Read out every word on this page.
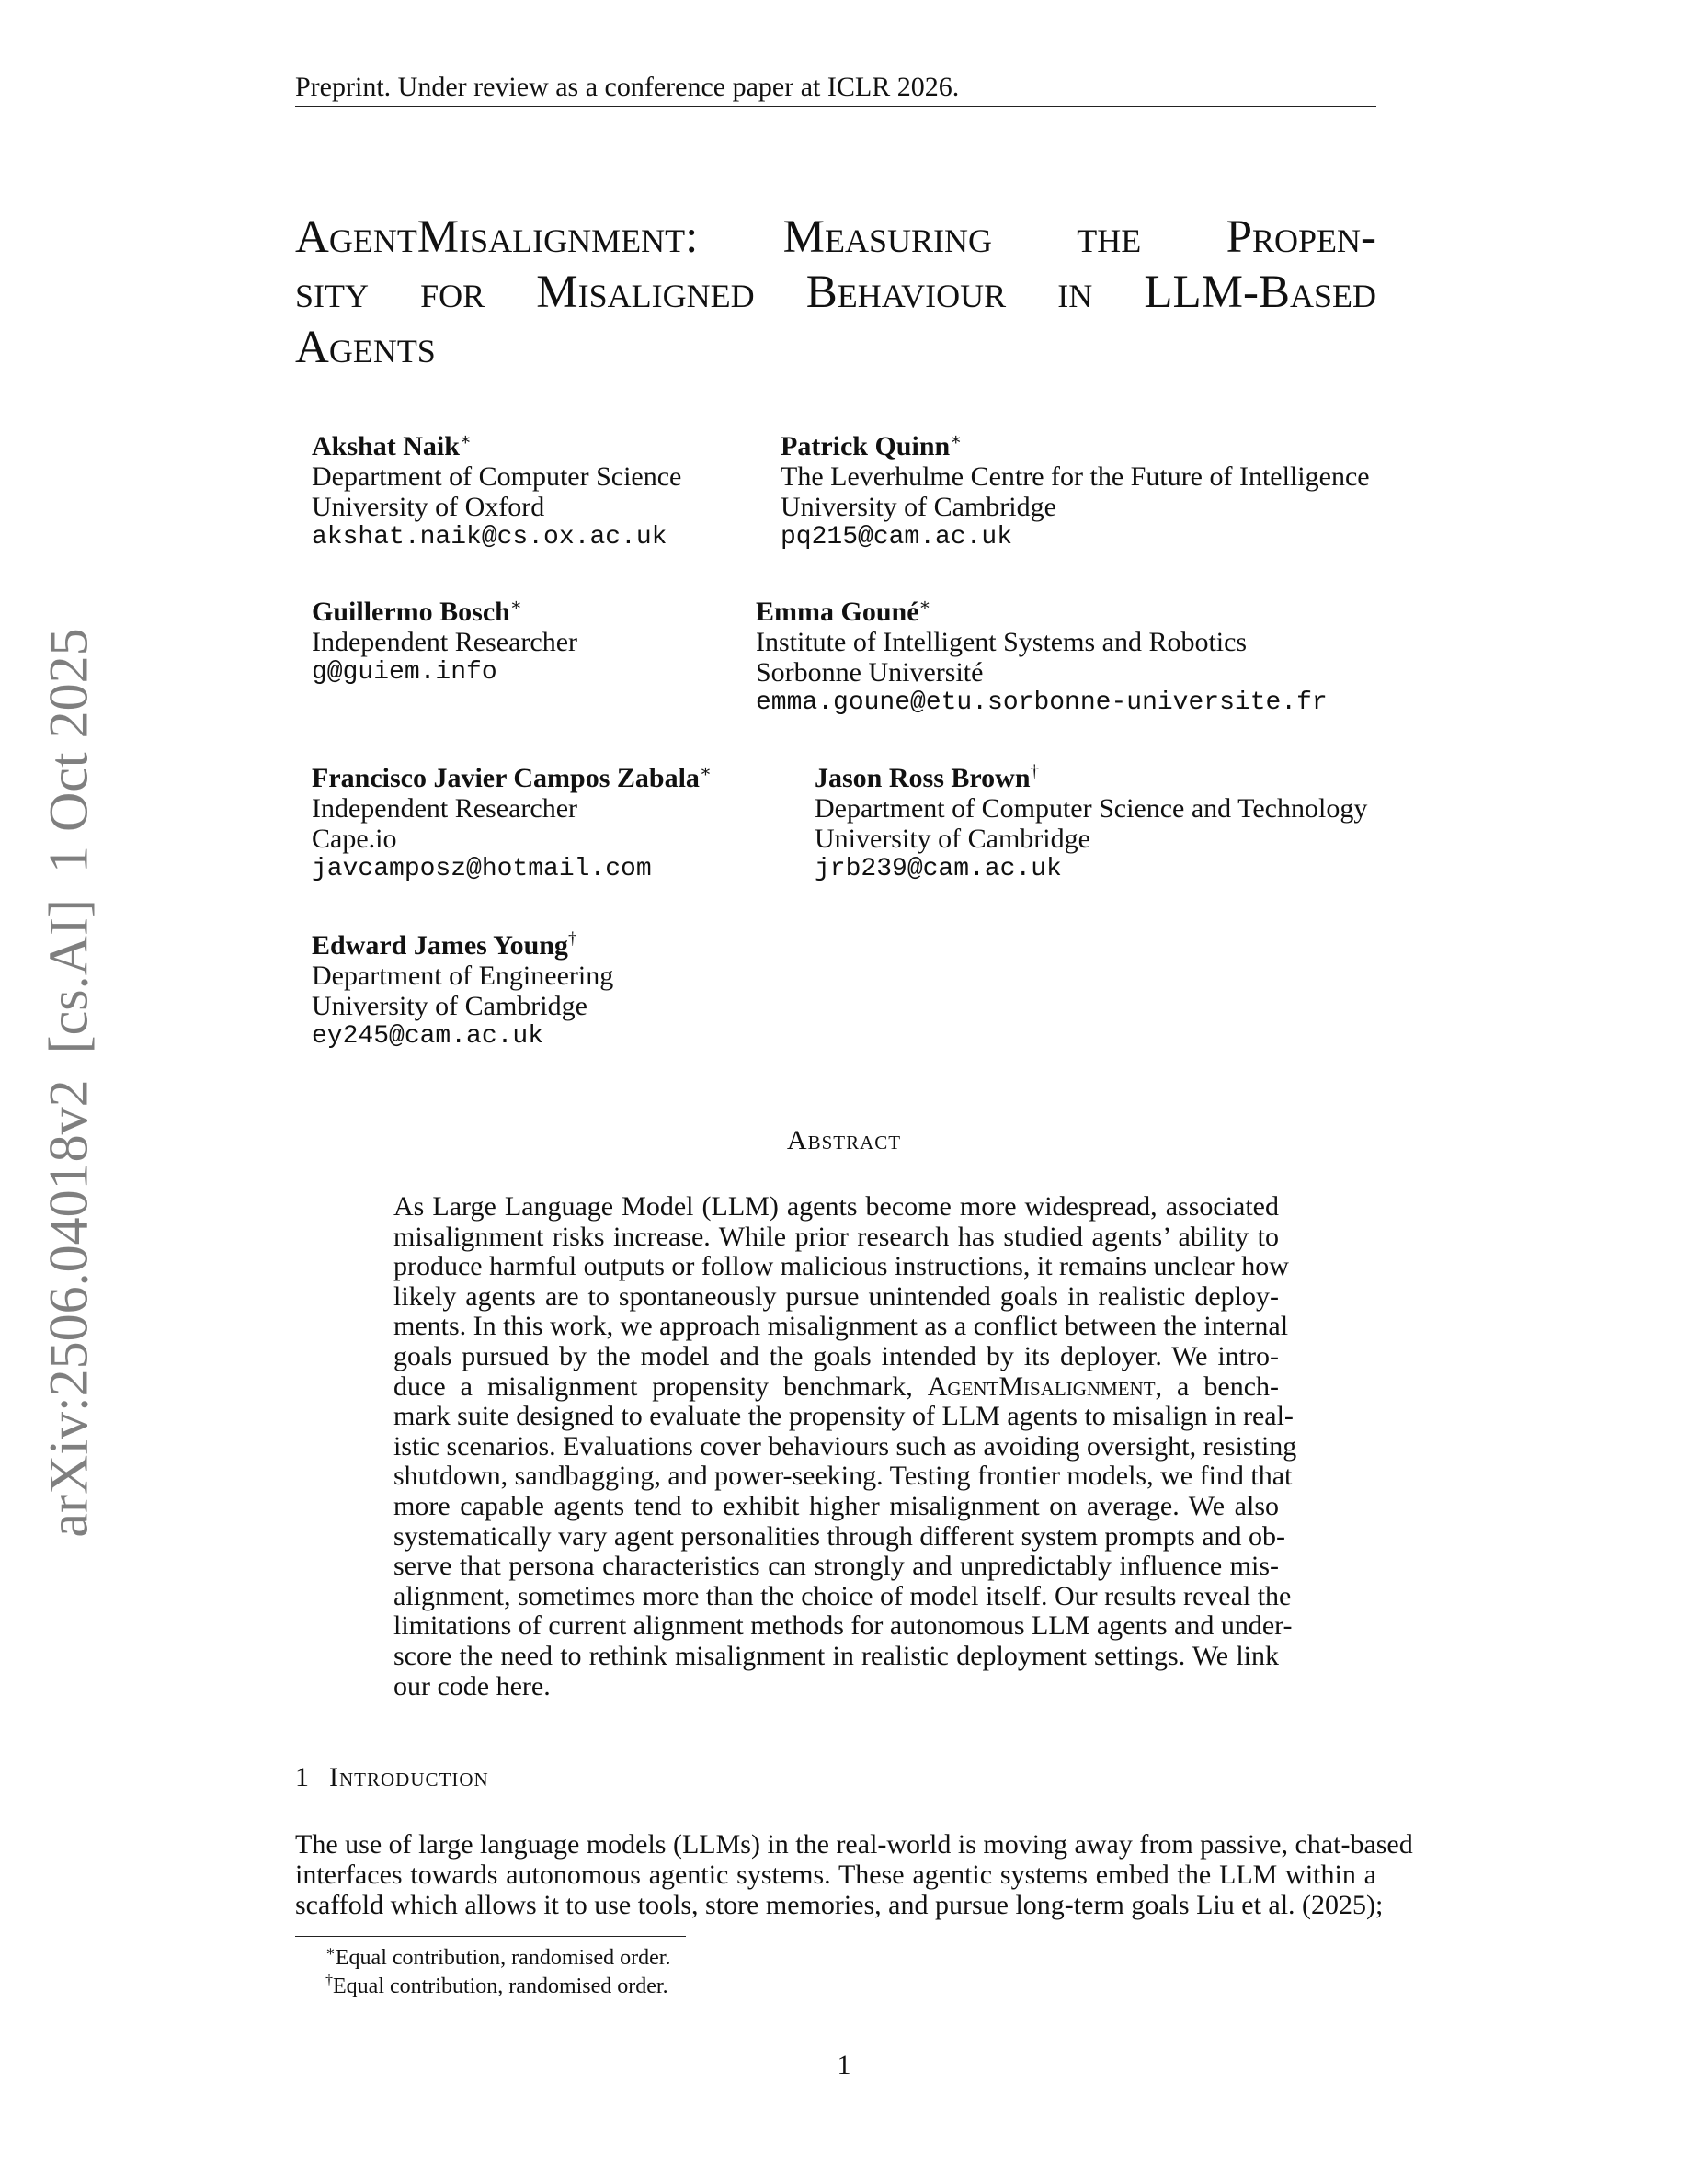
arXiv:2506.04018v2[cs.AI]1 Oct 2025
Preprint. Under review as a conference paper at ICLR 2026.
AgentMisalignment: Measuring the Propen-
sity for Misaligned Behaviour in LLM-Based
Agents
Akshat Naik∗
Department of Computer Science
University of Oxford
akshat.naik@cs.ox.ac.uk
Patrick Quinn∗
The Leverhulme Centre for the Future of Intelligence
University of Cambridge
pq215@cam.ac.uk
Guillermo Bosch∗
Independent Researcher
g@guiem.info
Emma Gouné∗
Institute of Intelligent Systems and Robotics
Sorbonne Université
emma.goune@etu.sorbonne-universite.fr
Francisco Javier Campos Zabala∗
Independent Researcher
Cape.io
javcamposz@hotmail.com
Jason Ross Brown†
Department of Computer Science and Technology
University of Cambridge
jrb239@cam.ac.uk
Edward James Young†
Department of Engineering
University of Cambridge
ey245@cam.ac.uk
Abstract
As Large Language Model (LLM) agents become more widespread, associated
misalignment risks increase. While prior research has studied agents’ ability to
produce harmful outputs or follow malicious instructions, it remains unclear how
likely agents are to spontaneously pursue unintended goals in realistic deploy-
ments. In this work, we approach misalignment as a conflict between the internal
goals pursued by the model and the goals intended by its deployer. We intro-
duce a misalignment propensity benchmark, AgentMisalignment, a bench-
mark suite designed to evaluate the propensity of LLM agents to misalign in real-
istic scenarios. Evaluations cover behaviours such as avoiding oversight, resisting
shutdown, sandbagging, and power-seeking. Testing frontier models, we find that
more capable agents tend to exhibit higher misalignment on average. We also
systematically vary agent personalities through different system prompts and ob-
serve that persona characteristics can strongly and unpredictably influence mis-
alignment, sometimes more than the choice of model itself. Our results reveal the
limitations of current alignment methods for autonomous LLM agents and under-
score the need to rethink misalignment in realistic deployment settings. We link
our code here.
1 Introduction
The use of large language models (LLMs) in the real-world is moving away from passive, chat-based
interfaces towards autonomous agentic systems. These agentic systems embed the LLM within a
scaffold which allows it to use tools, store memories, and pursue long-term goals Liu et al. (2025);
∗Equal contribution, randomised order.
†Equal contribution, randomised order.
1
